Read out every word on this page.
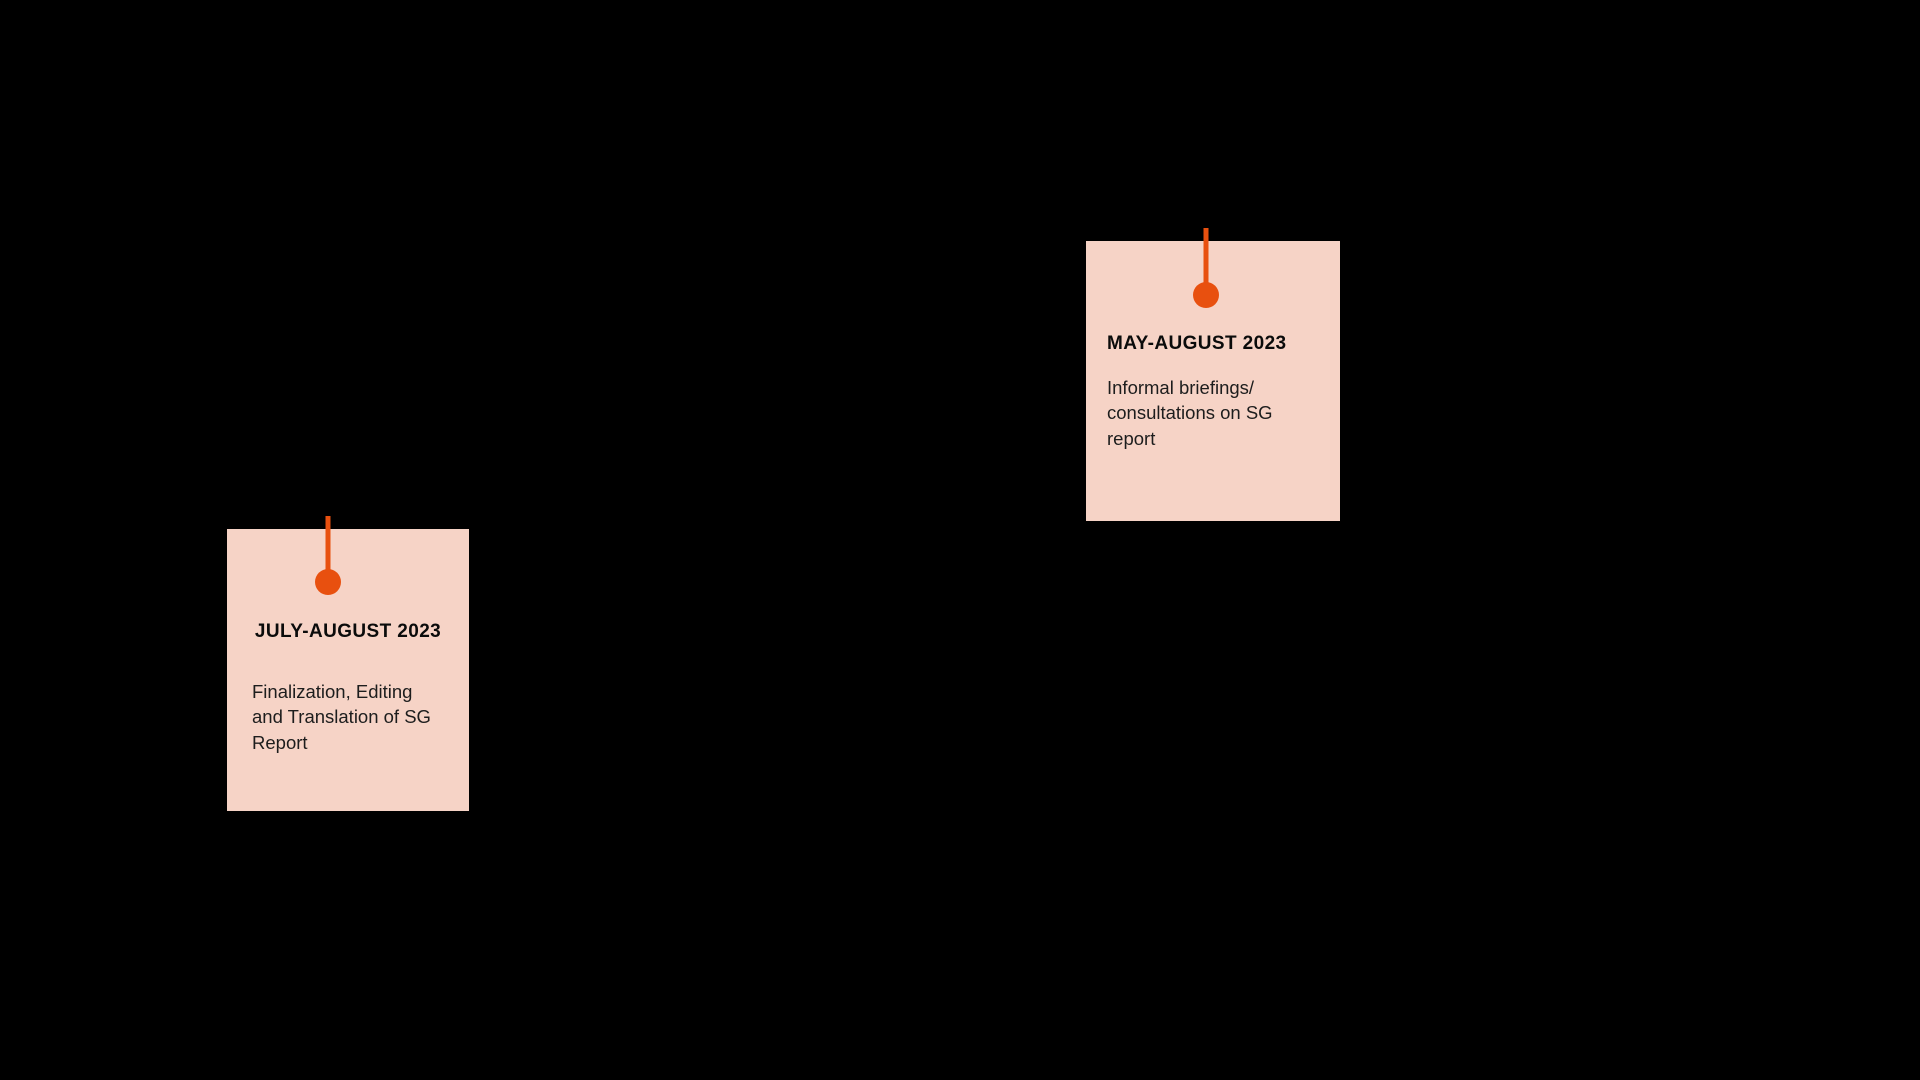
JULY-AUGUST 2023
Finalization, Editing and Translation of SG Report
MAY-AUGUST 2023
Informal briefings/ consultations on SG report
